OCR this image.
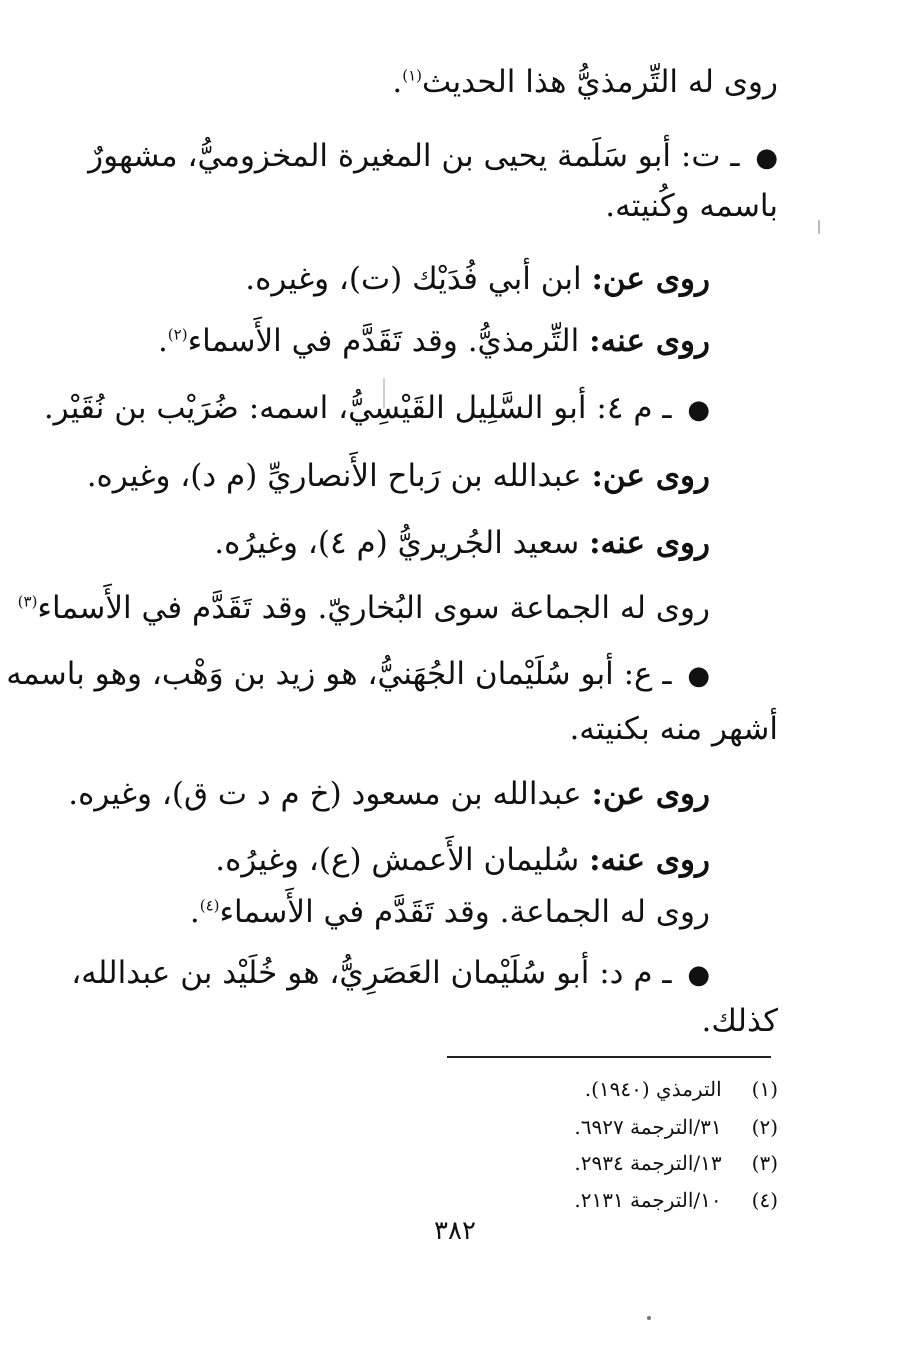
روى له التِّرمذيُّ هذا الحديث$^{(١)}$.
● ـ ت: أبو سَلَمة يحيى بن المغيرة المخزوميُّ، مشهورٌ
باسمه وكُنيته.
روى عن: ابن أبي فُدَيْك (ت)، وغيره.
روى عنه: التِّرمذيُّ. وقد تَقَدَّم في الأَسماء$^{(٢)}$.
● ـ م ٤: أبو السَّلِيل القَيْسِيُّ، اسمه: ضُرَيْب بن نُقَيْر.
روى عن: عبدالله بن رَباح الأَنصاريِّ (م د)، وغيره.
روى عنه: سعيد الجُريريُّ (م ٤)، وغيرُه.
روى له الجماعة سوى البُخاريّ. وقد تَقَدَّم في الأَسماء$^{(٣)}$
● ـ ع: أبو سُلَيْمان الجُهَنيُّ، هو زيد بن وَهْب، وهو باسمه
أشهر منه بكنيته.
روى عن: عبدالله بن مسعود (خ م د ت ق)، وغيره.
روى عنه: سُليمان الأَعمش (ع)، وغيرُه.
روى له الجماعة. وقد تَقَدَّم في الأَسماء$^{(٤)}$.
● ـ م د: أبو سُلَيْمان العَصَرِيُّ، هو خُلَيْد بن عبدالله،
كذلك.
(١) الترمذي (١٩٤٠).
(٢) ٣١/الترجمة ٦٩٢٧.
(٣) ١٣/الترجمة ٢٩٣٤.
(٤) ١٠/الترجمة ٢١٣١.
٣٨٢
